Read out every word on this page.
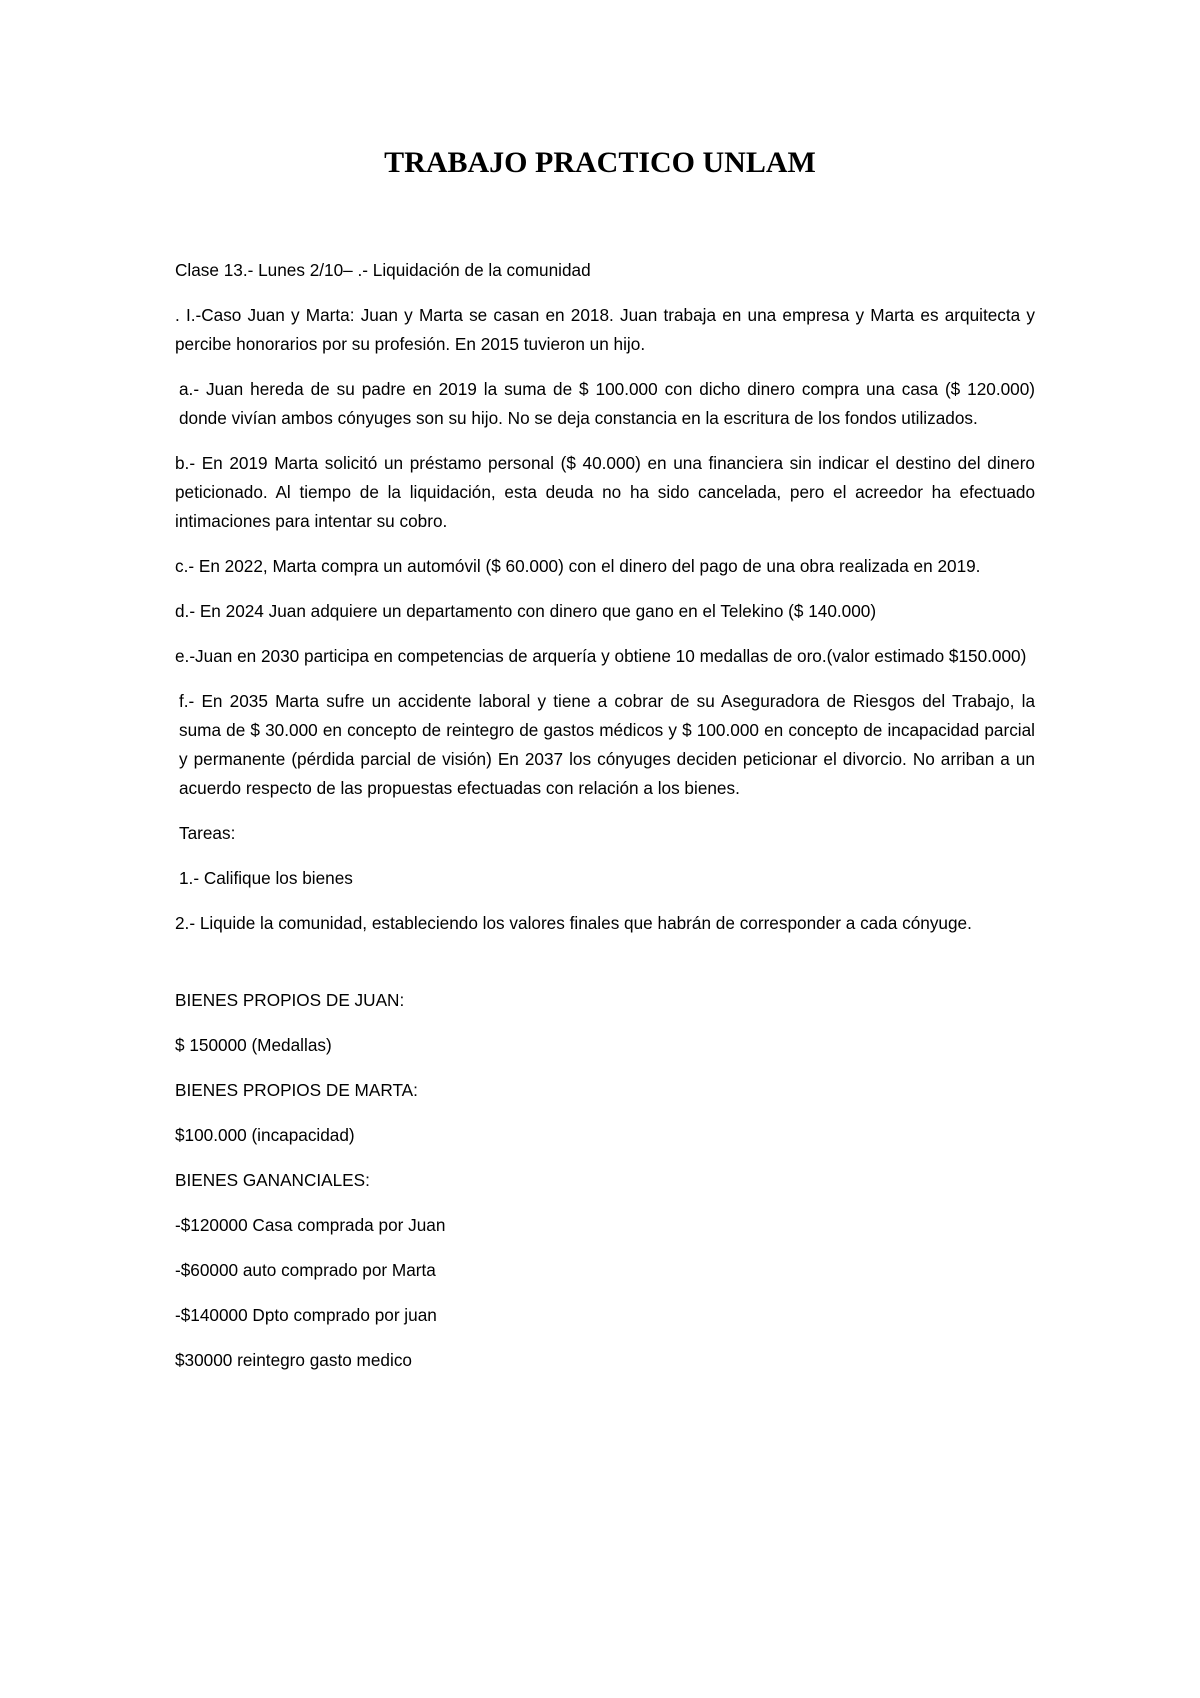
TRABAJO PRACTICO UNLAM

Clase 13.- Lunes 2/10– .- Liquidación de la comunidad

. I.-Caso Juan y Marta: Juan y Marta se casan en 2018. Juan trabaja en una empresa y Marta es arquitecta y percibe honorarios por su profesión. En 2015 tuvieron un hijo.

a.- Juan hereda de su padre en 2019 la suma de $ 100.000 con dicho dinero compra una casa ($ 120.000) donde vivían ambos cónyuges son su hijo. No se deja constancia en la escritura de los fondos utilizados.

b.- En 2019 Marta solicitó un préstamo personal ($ 40.000) en una financiera sin indicar el destino del dinero peticionado. Al tiempo de la liquidación, esta deuda no ha sido cancelada, pero el acreedor ha efectuado intimaciones para intentar su cobro.

c.- En 2022, Marta compra un automóvil ($ 60.000) con el dinero del pago de una obra realizada en 2019.

d.- En 2024 Juan adquiere un departamento con dinero que gano en el Telekino ($ 140.000)

e.-Juan en 2030 participa en competencias de arquería y obtiene 10 medallas de oro.(valor estimado $150.000)

f.- En 2035 Marta sufre un accidente laboral y tiene a cobrar de su Aseguradora de Riesgos del Trabajo, la suma de $ 30.000 en concepto de reintegro de gastos médicos y $ 100.000 en concepto de incapacidad parcial y permanente (pérdida parcial de visión) En 2037 los cónyuges deciden peticionar el divorcio. No arriban a un acuerdo respecto de las propuestas efectuadas con relación a los bienes.

Tareas:

1.- Califique los bienes

2.- Liquide la comunidad, estableciendo los valores finales que habrán de corresponder a cada cónyuge.

BIENES PROPIOS DE JUAN:

$ 150000 (Medallas)

BIENES PROPIOS DE MARTA:

$100.000 (incapacidad)

BIENES GANANCIALES:

-$120000 Casa comprada por Juan

-$60000 auto comprado por Marta

-$140000 Dpto comprado por juan

$30000 reintegro gasto medico
